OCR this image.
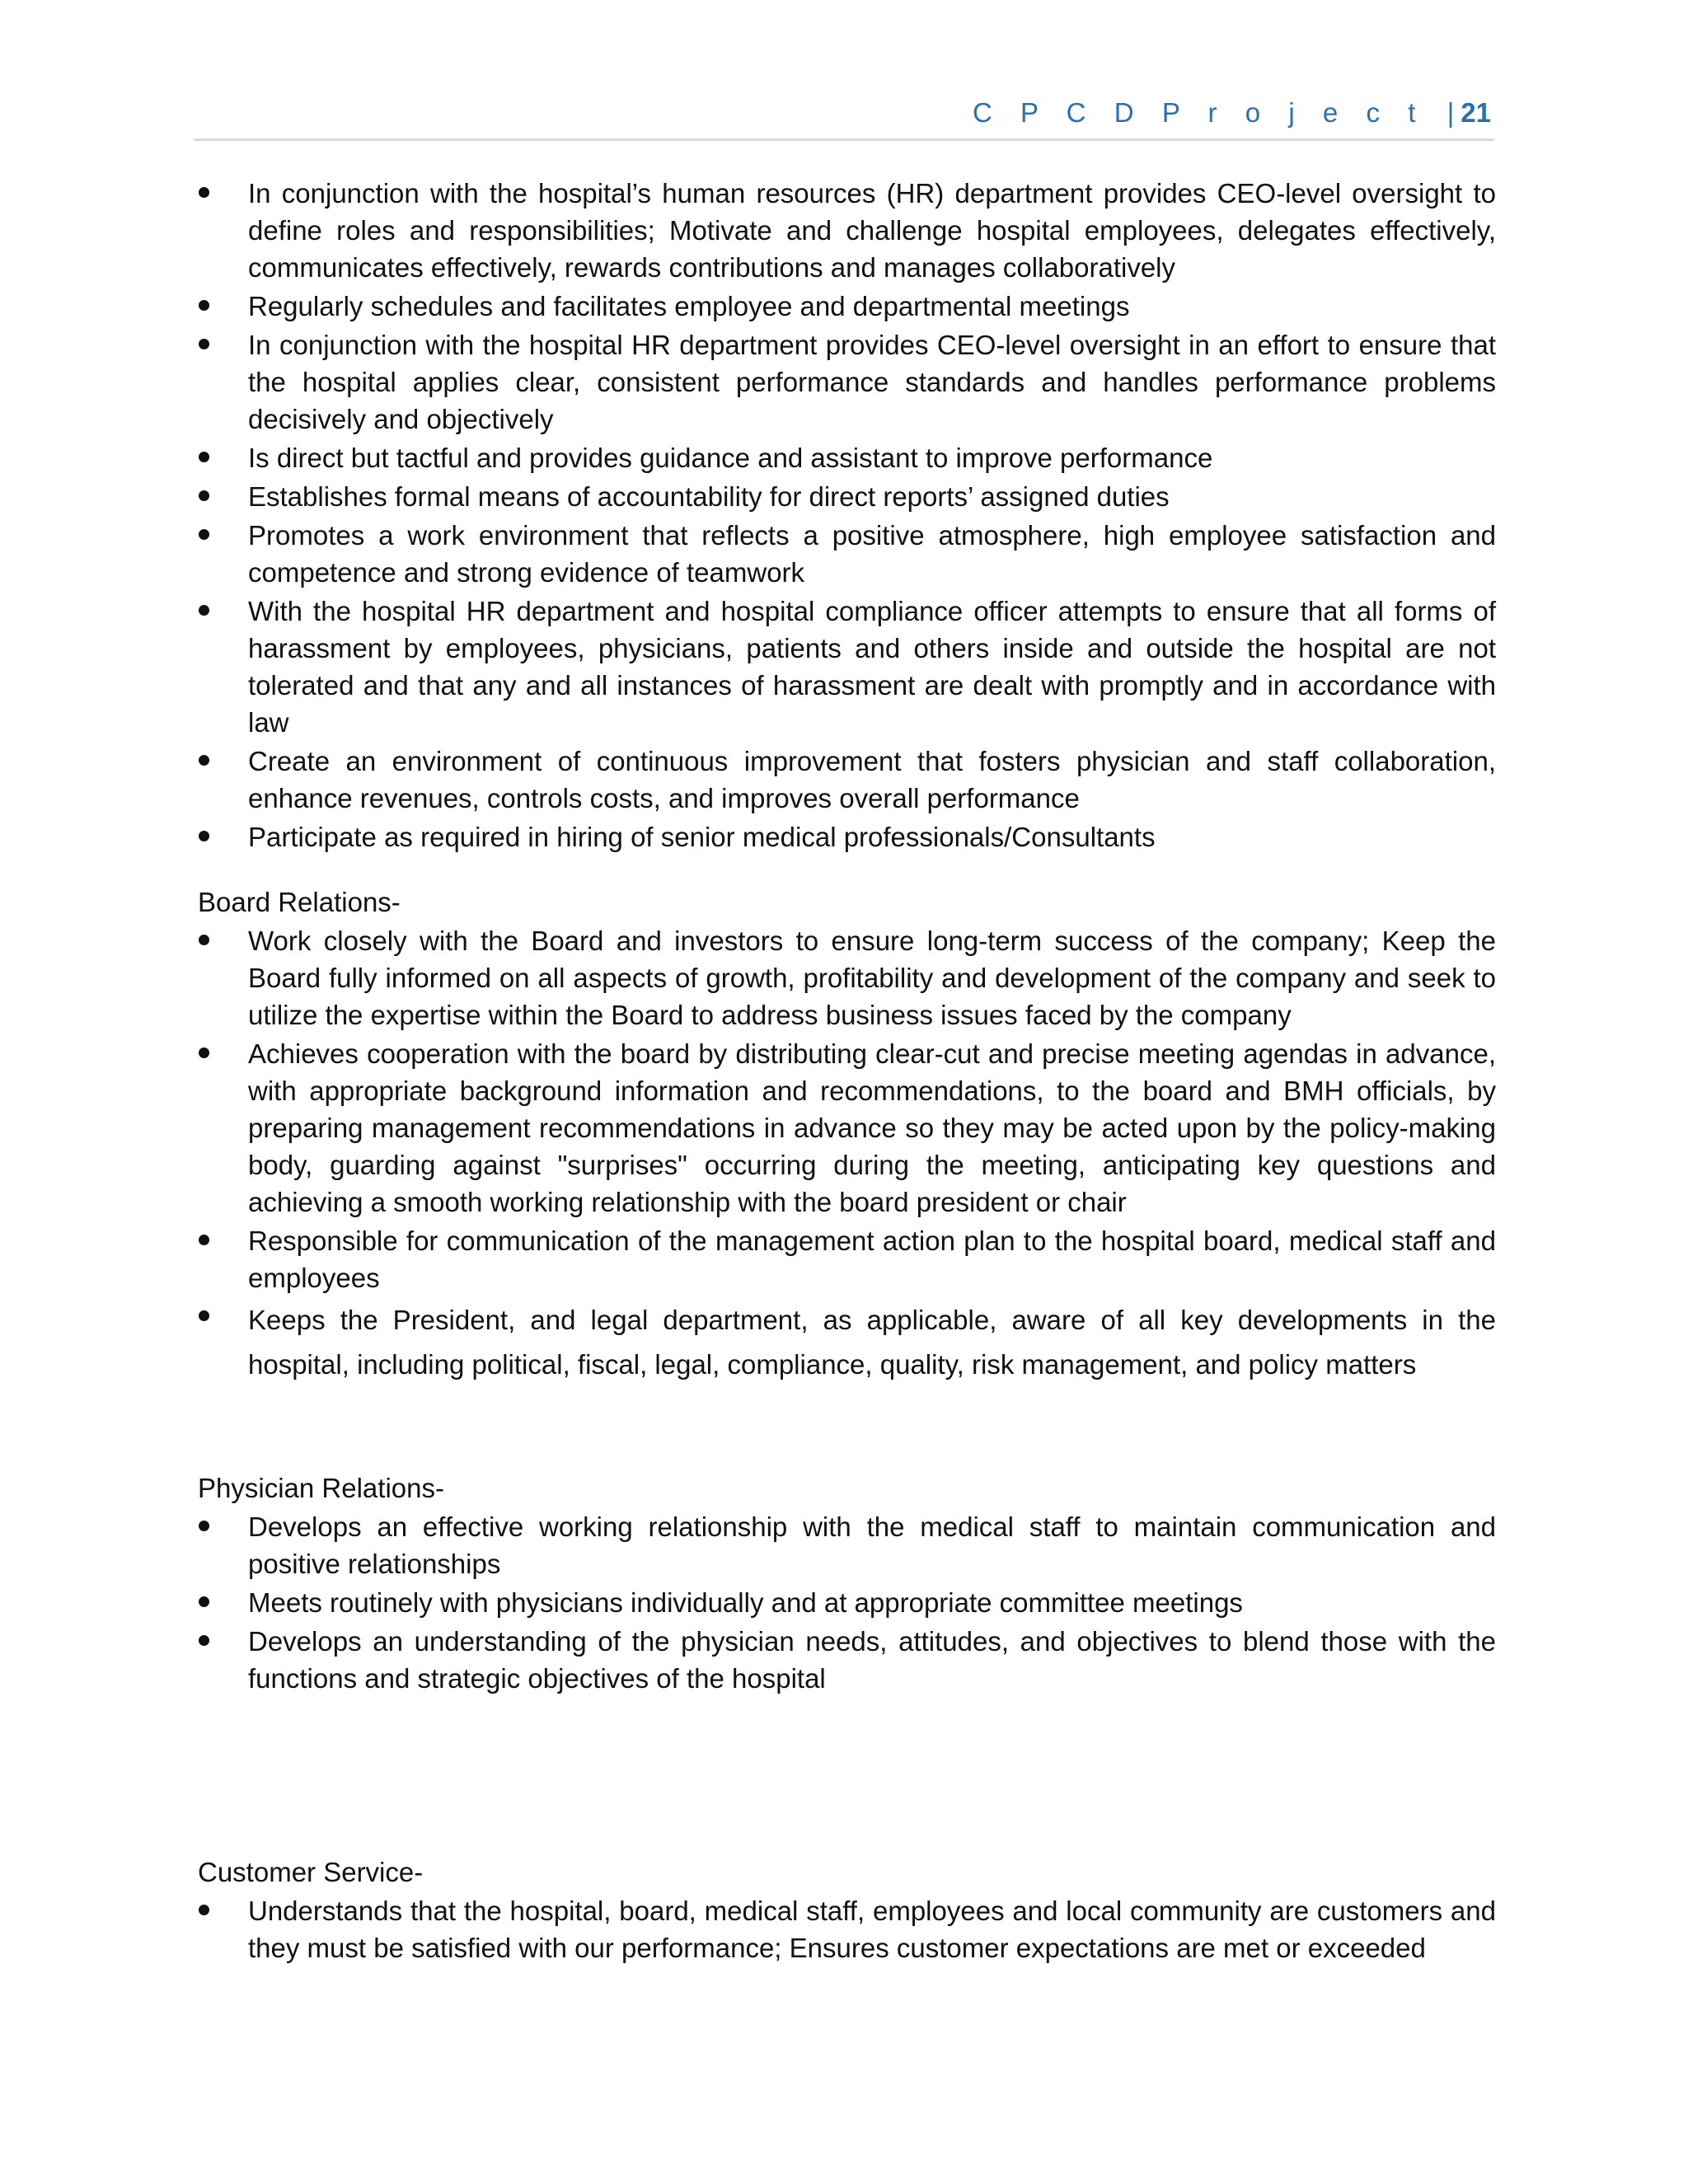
C P C D P r o j e c t | 21
In conjunction with the hospital’s human resources (HR) department provides CEO-level oversight to define roles and responsibilities; Motivate and challenge hospital employees, delegates effectively, communicates effectively, rewards contributions and manages collaboratively
Regularly schedules and facilitates employee and departmental meetings
In conjunction with the hospital HR department provides CEO-level oversight in an effort to ensure that the hospital applies clear, consistent performance standards and handles performance problems decisively and objectively
Is direct but tactful and provides guidance and assistant to improve performance
Establishes formal means of accountability for direct reports’ assigned duties
Promotes a work environment that reflects a positive atmosphere, high employee satisfaction and competence and strong evidence of teamwork
With the hospital HR department and hospital compliance officer attempts to ensure that all forms of harassment by employees, physicians, patients and others inside and outside the hospital are not tolerated and that any and all instances of harassment are dealt with promptly and in accordance with law
Create an environment of continuous improvement that fosters physician and staff collaboration, enhance revenues, controls costs, and improves overall performance
Participate as required in hiring of senior medical professionals/Consultants
Board Relations-
Work closely with the Board and investors to ensure long-term success of the company; Keep the Board fully informed on all aspects of growth, profitability and development of the company and seek to utilize the expertise within the Board to address business issues faced by the company
Achieves cooperation with the board by distributing clear-cut and precise meeting agendas in advance, with appropriate background information and recommendations, to the board and BMH officials, by preparing management recommendations in advance so they may be acted upon by the policy-making body, guarding against "surprises" occurring during the meeting, anticipating key questions and achieving a smooth working relationship with the board president or chair
Responsible for communication of the management action plan to the hospital board, medical staff and employees
Keeps the President, and legal department, as applicable, aware of all key developments in the hospital, including political, fiscal, legal, compliance, quality, risk management, and policy matters
Physician Relations-
Develops an effective working relationship with the medical staff to maintain communication and positive relationships
Meets routinely with physicians individually and at appropriate committee meetings
Develops an understanding of the physician needs, attitudes, and objectives to blend those with the functions and strategic objectives of the hospital
Customer Service-
Understands that the hospital, board, medical staff, employees and local community are customers and they must be satisfied with our performance; Ensures customer expectations are met or exceeded
